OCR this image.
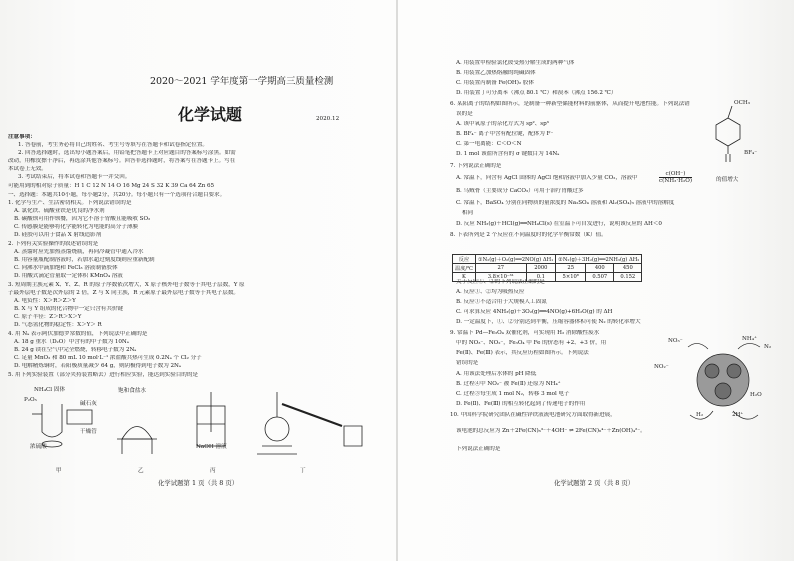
2020～2021 学年度第一学期高三质量检测
化学试题	2020.12
注意事项：
1. 答卷前，考生务必将自己的姓名、考生号等填写在答题卡和试卷指定位置。
2. 回答选择题时，选出每小题答案后，用铅笔把答题卡上对应题目的答案标号涂黑。如需
改动，用橡皮擦干净后，再选涂其他答案标号。回答非选择题时，将答案写在答题卡上。写在
本试卷上无效。
3. 考试结束后，将本试卷和答题卡一并交回。
可能用到的相对原子质量：H 1 C 12 N 14 O 16 Mg 24 S 32 K 39 Ca 64 Zn 65
一、选择题：本题共10小题，每小题2分，共20分。每小题只有一个选项符合题目要求。
1. 化学与生产、生活密切相关。下列说法错误的是
A. 氯化铁、硫酸亚铁是优良的净水剂
B. 碳酸钡可用作钡餐，因为它不溶于胃酸且能吸收 SO₂
C. 传感膜是能够将化学能转化为电能的高分子薄膜
D. 硅胶可以用于食品 X 射线造影剂
2. 下列有关实验操作的叙述错误的是
A. 蒸馏时应先加热蒸馏烧瓶，再向冷凝管中通入冷水
B. 用容量瓶配制溶液时，若加水超过刻度线则应重新配制
C. 向沸水中滴加饱和 FeCl₃ 溶液制备胶体
D. 用酸式滴定管量取一定体积 KMnO₄ 溶液
3. 短周期主族元素 X、Y、Z、R 的原子序数依次增大，X 原子核外电子数等于其电子层数，Y 原
子最外层电子数是次外层的 2 倍，Z 与 X 同主族，R 元素原子最外层电子数等于其电子层数。
A. 电负性：X＞R＞Z＞Y
B. X 与 Y 组成的化合物中一定只含有共价键
C. 原子半径：Z＞R＞X＞Y
D. 气态氢化物的稳定性：X＞Y＞ R
4. 用 Nₐ 表示阿伏加德罗常数的值，下列说法中正确的是
A. 18 g 重水（D₂O）中含有的中子数为 10Nₐ
B. 24 g 镁在空气中完全燃烧，转移电子数为 2Nₐ
C. 足量 MnO₂ 和 80 mL 10 mol·L⁻¹ 浓盐酸共热可生成 0.2Nₐ 个 Cl₂ 分子
D. 电解精炼铜时，若阳极质量减少 64 g，则阴极得到电子数为 2Nₐ
5. 用下列实验装置（部分夹持装置略去）进行相应实验，能达到实验目的的是
NH₄Cl 固体
碱石灰
P₂O₅
浓硫酸
干燥管
NaOH 溶液
饱和食盐水
甲	乙	丙	丁
化学试题第 1 页（共 8 页）
A. 用装置甲检验氯化铵受热分解生成的两种气体
B. 用装置乙加热熔融的纯碱固体
C. 用装置丙制备 Fe(OH)₂ 胶体
D. 用装置丁可分离苯（沸点 80.1 ℃）和溴苯（沸点 156.2 ℃）
6. 某阳离子的结构如图所示，是制备一种新型储能材料的前驱体，从而提升电池性能。下列说法错
误的是
A. 该中氧原子的杂化方式为 sp²、sp³
B. BF₄⁻ 离子中含有配位键，配体为 F⁻
C. 第一电离能：C＜O＜N
D. 1 mol 该盐所含有的 σ 键数目为 14Nₐ
OCH₃
BF₄⁻
7. 下列说法正确的是
A. 常温下，向含有 AgCl 固体的 AgCl 饱和溶液中加入少量 CO₂，溶液中	$\frac{c(OH^-)}{\text{c(NH₃·H₂O)}}$	的值增大
B. 乌贼骨（主要成分 CaCO₃）可用于治疗胃酸过多
C. 常温下，BaSO₄ 分别在同物质的量浓度的 Na₂SO₄ 溶液和 Al₂(SO₄)₃ 溶液中的溶解度
相同
D. 反应 NH₃(g)＋HCl(g)══NH₄Cl(s) 在室温下可自发进行，说明该反应的 ΔH＜0
8. 下表所列是 2 个反应在不同温度时的化学平衡常数（K）值。
关于反应①、②的下列说法正确的是
A. 反应①、②均为吸热反应
B. 反应①不适合用于大规模人工固氮
C. 可求算反应 4NH₃(g)＋3O₂(g)══4NO(g)+6H₂O(g) 的 ΔH
D. 一定温度下，①、②分别达到平衡，压缩容器体积可使 N₂ 的转化率增大
9. 常温下 Pd—Fe₃O₄ 双催化剂，可实现用 H₂ 消除酸性废水
中的 NO₃⁻、NO₂⁻，Fe₃O₄ 中 Fe 的价态有 +2、+3 价，用
Fe(Ⅱ)、Fe(Ⅲ) 表示，其反应历程如图所示。下列说法
错误的是
A. 用该法处理后水体的 pH 降低
B. 过程④中 NO₂⁻ 被 Fe(Ⅱ) 还原为 NH₄⁺
C. 过程③每生成 1 mol N₂，转移 3 mol 电子
D. Fe(Ⅱ)、Fe(Ⅲ) 的相互转化起到了传递电子的作用
10. 中国科学院研究团队在碱性锌铁液流电池研究方面取得新进展，
该电池的总反应为 Zn＋2Fe(CN)₆³⁻＋4OH⁻ ⇌ 2Fe(CN)₆⁴⁻＋Zn(OH)₄²⁻。
下列说法正确的是
NO₃⁻	NH₄⁺
N₂
NO₂⁻
H₂	2H⁺
H₂O
化学试题第 2 页（共 8 页）
反应	①N₂(g)＋O₂(g)══2NO(g) ΔH₁		②N₂(g)＋3H₂(g)══2NH₃(g) ΔH₂		
温度/℃	27	2000	25	400	450
K	3.8×10⁻³¹	0.1	5×10⁸	0.507	0.152
